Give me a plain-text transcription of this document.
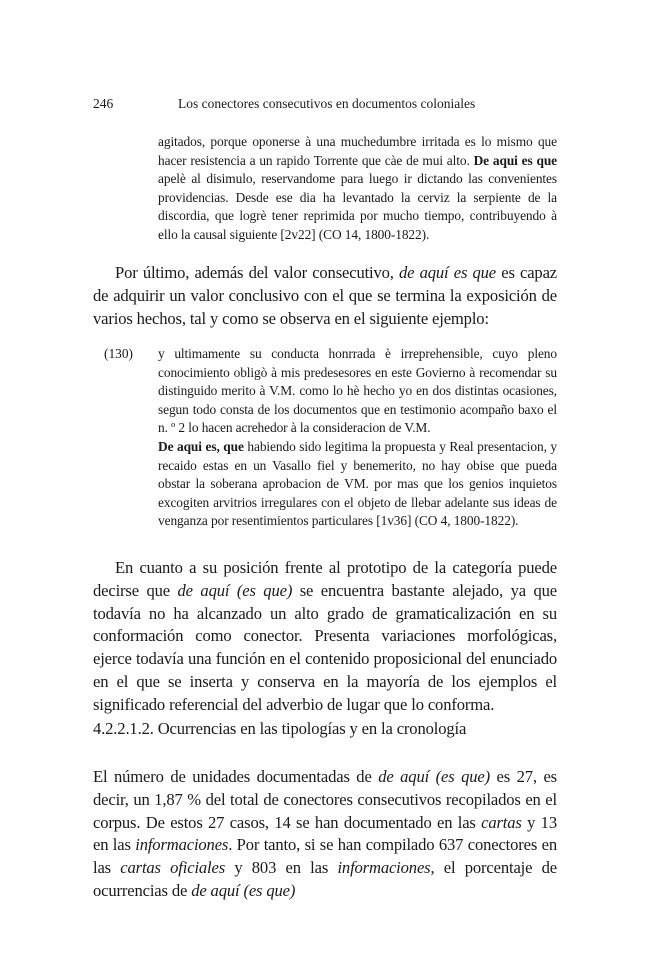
246	Los conectores consecutivos en documentos coloniales
agitados, porque oponerse à una muchedumbre irritada es lo mismo que hacer resistencia a un rapido Torrente que càe de mui alto. De aqui es que apelè al disimulo, reservandome para luego ir dictando las convenientes providencias. Desde ese dia ha levantado la cerviz la serpiente de la discordia, que logrè tener reprimida por mucho tiempo, contribuyendo à ello la causal siguiente [2v22] (CO 14, 1800-1822).
Por último, además del valor consecutivo, de aquí es que es capaz de adquirir un valor conclusivo con el que se termina la exposición de varios hechos, tal y como se observa en el siguiente ejemplo:
(130) y ultimamente su conducta honrrada è irreprehensible, cuyo pleno conocimiento obligò à mis predesesores en este Govierno à recomendar su distinguido merito à V.M. como lo hè hecho yo en dos distintas ocasiones, segun todo consta de los documentos que en testimonio acompaño baxo el n. º 2 lo hacen acrehedor à la consideracion de V.M.

De aqui es, que habiendo sido legitima la propuesta y Real presentacion, y recaido estas en un Vasallo fiel y benemerito, no hay obise que pueda obstar la soberana aprobacion de VM. por mas que los genios inquietos excogiten arvitrios irregulares con el objeto de llebar adelante sus ideas de venganza por resentimientos particulares [1v36] (CO 4, 1800-1822).

En cuanto a su posición frente al prototipo de la categoría puede decirse que de aquí (es que) se encuentra bastante alejado, ya que todavía no ha alcanzado un alto grado de gramaticalización en su conformación como conector. Presenta variaciones morfológicas, ejerce todavía una función en el contenido proposicional del enunciado en el que se inserta y conserva en la mayoría de los ejemplos el significado referencial del adverbio de lugar que lo conforma.
4.2.2.1.2. Ocurrencias en las tipologías y en la cronología
El número de unidades documentadas de de aquí (es que) es 27, es decir, un 1,87 % del total de conectores consecutivos recopilados en el corpus. De estos 27 casos, 14 se han documentado en las cartas y 13 en las informaciones. Por tanto, si se han compilado 637 conectores en las cartas oficiales y 803 en las informaciones, el porcentaje de ocurrencias de de aquí (es que)
